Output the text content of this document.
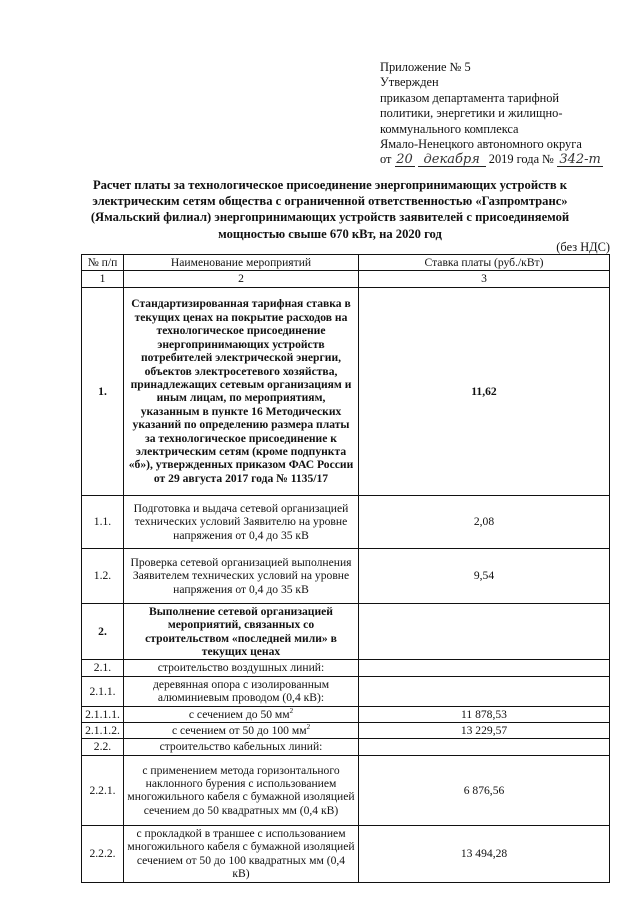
Приложение № 5
Утвержден
приказом департамента тарифной
политики, энергетики и жилищно-
коммунального комплекса
Ямало-Ненецкого автономного округа
от 20 декабря 2019 года № 342-т
Расчет платы за технологическое присоединение энергопринимающих устройств к электрическим сетям общества с ограниченной ответственностью «Газпромтранс» (Ямальский филиал) энергопринимающих устройств заявителей с присоединяемой мощностью свыше 670 кВт, на 2020 год
(без НДС)
№ п/п	Наименование мероприятий	Ставка платы (руб./кВт)
1	2	3
1.	Стандартизированная тарифная ставка в текущих ценах на покрытие расходов на технологическое присоединение энергопринимающих устройств потребителей электрической энергии, объектов электросетевого хозяйства, принадлежащих сетевым организациям и иным лицам, по мероприятиям, указанным в пункте 16 Методических указаний по определению размера платы за технологическое присоединение к электрическим сетям (кроме подпункта «б»), утвержденных приказом ФАС России от 29 августа 2017 года № 1135/17	11,62
1.1.	Подготовка и выдача сетевой организацией технических условий Заявителю на уровне напряжения от 0,4 до 35 кВ	2,08
1.2.	Проверка сетевой организацией выполнения Заявителем технических условий на уровне напряжения от 0,4 до 35 кВ	9,54
2.	Выполнение сетевой организацией мероприятий, связанных со строительством «последней мили» в текущих ценах	
2.1.	строительство воздушных линий:	
2.1.1.	деревянная опора с изолированным алюминиевым проводом (0,4 кВ):	
2.1.1.1.	с сечением до 50 $мм^2$	11 878,53
2.1.1.2.	с сечением от 50 до 100 $мм^2$	13 229,57
2.2.	строительство кабельных линий:	
2.2.1.	с применением метода горизонтального наклонного бурения с использованием многожильного кабеля с бумажной изоляцией сечением до 50 квадратных мм (0,4 кВ)	6 876,56
2.2.2.	с прокладкой в траншее с использованием многожильного кабеля с бумажной изоляцией сечением от 50 до 100 квадратных мм (0,4 кВ)	13 494,28
